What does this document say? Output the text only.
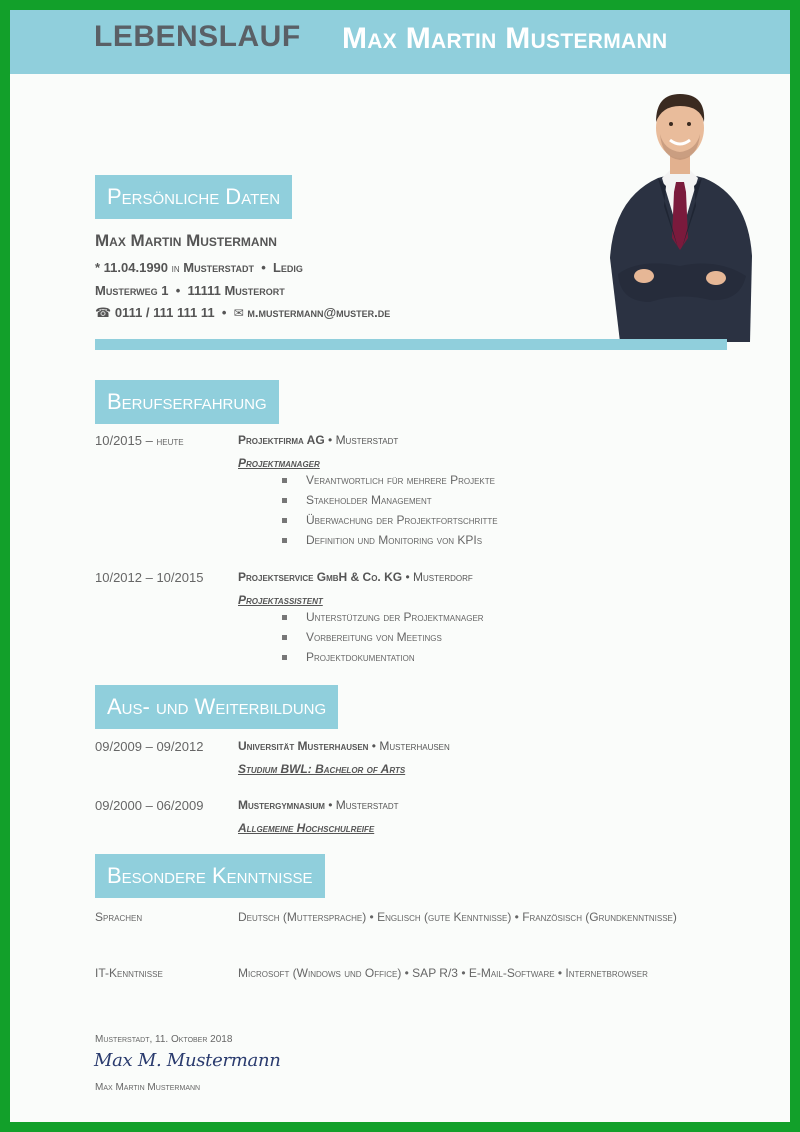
LEBENSLAUF Max Martin Mustermann
Persönliche Daten
Max Martin Mustermann
* 11.04.1990 in Musterstadt • Ledig
Musterweg 1 • 11111 Musterort
☎ 0111 / 111 111 11 • ✉ m.mustermann@muster.de
Berufserfahrung
10/2015 – heute	Projektfirma AG • Musterstadt
Projektmanager
Verantwortlich für mehrere Projekte
Stakeholder Management
Überwachung der Projektfortschritte
Definition und Monitoring von KPIs
10/2012 – 10/2015	Projektservice GmbH & Co. KG • Musterdorf
Projektassistent
Unterstützung der Projektmanager
Vorbereitung von Meetings
Projektdokumentation
Aus- und Weiterbildung
09/2009 – 09/2012	Universität Musterhausen • Musterhausen
Studium BWL: Bachelor of Arts
09/2000 – 06/2009	Mustergymnasium • Musterstadt
Allgemeine Hochschulreife
Besondere Kenntnisse
Sprachen	Deutsch (Muttersprache) • Englisch (gute Kenntnisse) • Französisch (Grundkenntnisse)
IT-Kenntnisse	Microsoft (Windows und Office) • SAP R/3 • E-Mail-Software • Internetbrowser
Musterstadt, 11. Oktober 2018
Max M. Mustermann
Max Martin Mustermann
